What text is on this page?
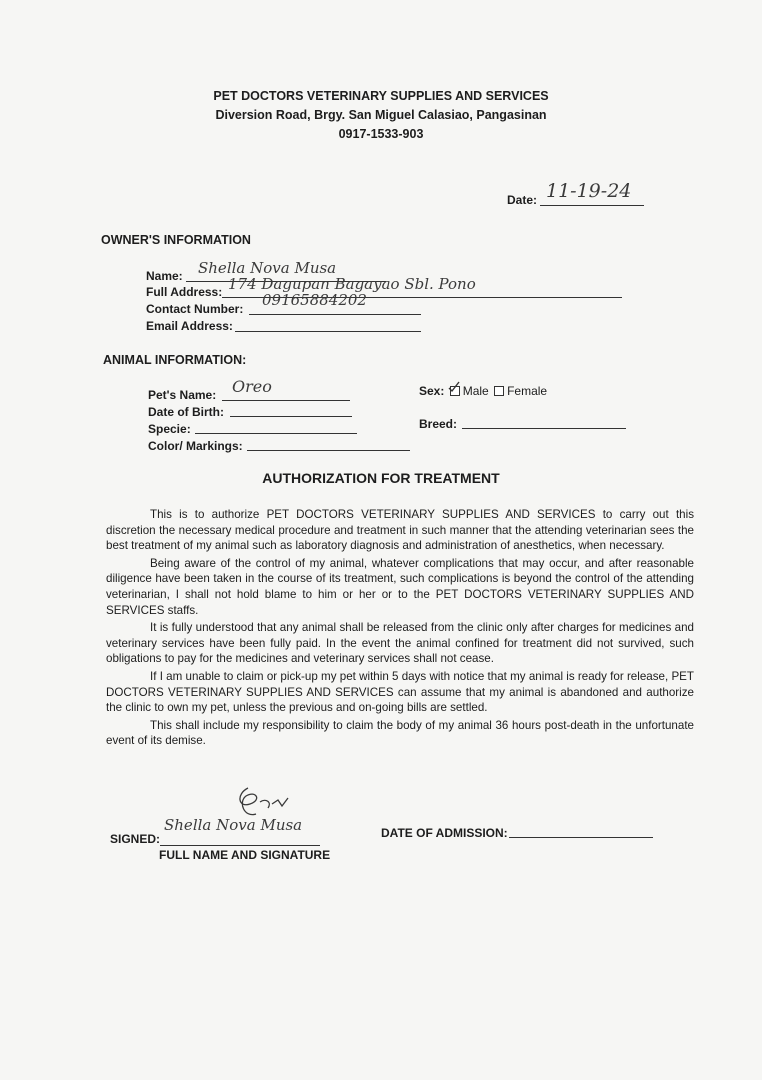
PET DOCTORS VETERINARY SUPPLIES AND SERVICES
Diversion Road, Brgy. San Miguel Calasiao, Pangasinan
0917-1533-903
Date: 11-19-24
OWNER'S INFORMATION
Name: Shella Nova Musa
Full Address: 174 Dagupan Bagayao Sbl. Pono
Contact Number: 09165884202
Email Address:
ANIMAL INFORMATION:
Pet's Name: Oreo
Date of Birth:
Specie:
Color/ Markings:
Sex: Male Female
Breed:
AUTHORIZATION FOR TREATMENT

This is to authorize PET DOCTORS VETERINARY SUPPLIES AND SERVICES to carry out this discretion the necessary medical procedure and treatment in such manner that the attending veterinarian sees the best treatment of my animal such as laboratory diagnosis and administration of anesthetics, when necessary.

Being aware of the control of my animal, whatever complications that may occur, and after reasonable diligence have been taken in the course of its treatment, such complications is beyond the control of the attending veterinarian, I shall not hold blame to him or her or to the PET DOCTORS VETERINARY SUPPLIES AND SERVICES staffs.

It is fully understood that any animal shall be released from the clinic only after charges for medicines and veterinary services have been fully paid. In the event the animal confined for treatment did not survived, such obligations to pay for the medicines and veterinary services shall not cease.

If I am unable to claim or pick-up my pet within 5 days with notice that my animal is ready for release, PET DOCTORS VETERINARY SUPPLIES AND SERVICES can assume that my animal is abandoned and authorize the clinic to own my pet, unless the previous and on-going bills are settled.

This shall include my responsibility to claim the body of my animal 36 hours post-death in the unfortunate event of its demise.

SIGNED:
Shella Nova Musa
FULL NAME AND SIGNATURE
DATE OF ADMISSION:
